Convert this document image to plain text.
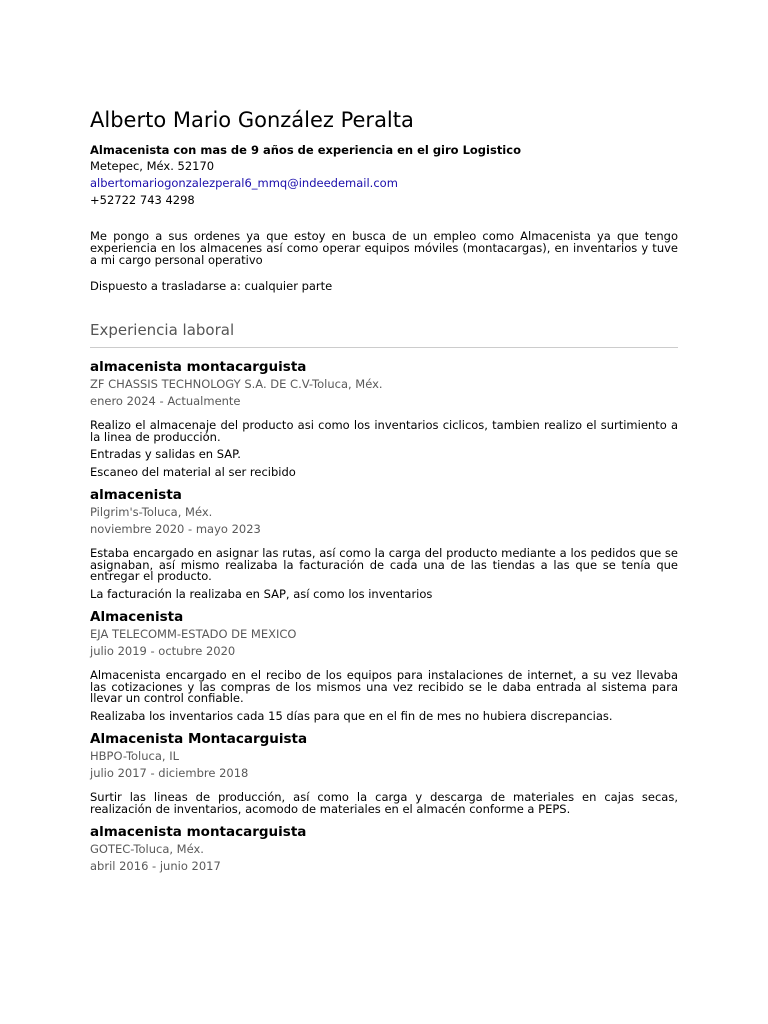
Alberto Mario González Peralta

Almacenista con mas de 9 años de experiencia en el giro Logistico

Metepec, Méx. 52170

albertomariogonzalezperal6_mmq@indeedemail.com

+52722 743 4298

Me pongo a sus ordenes ya que estoy en busca de un empleo como Almacenista ya que tengo experiencia en los almacenes así como operar equipos móviles (montacargas), en inventarios y tuve a mi cargo personal operativo

Dispuesto a trasladarse a: cualquier parte

Experiencia laboral

almacenista montacarguista

ZF CHASSIS TECHNOLOGY S.A. DE C.V-Toluca, Méx.

enero 2024 - Actualmente

Realizo el almacenaje del producto asi como los inventarios ciclicos, tambien realizo el surtimiento a la linea de producción.

Entradas y salidas en SAP.

Escaneo del material al ser recibido

almacenista

Pilgrim's-Toluca, Méx.

noviembre 2020 - mayo 2023

Estaba encargado en asignar las rutas, así como la carga del producto mediante a los pedidos que se asignaban, así mismo realizaba la facturación de cada una de las tiendas a las que se tenía que entregar el producto.

La facturación la realizaba en SAP, así como los inventarios

Almacenista

EJA TELECOMM-ESTADO DE MEXICO

julio 2019 - octubre 2020

Almacenista encargado en el recibo de los equipos para instalaciones de internet, a su vez llevaba las cotizaciones y las compras de los mismos una vez recibido se le daba entrada al sistema para llevar un control confiable.

Realizaba los inventarios cada 15 días para que en el fin de mes no hubiera discrepancias.

Almacenista Montacarguista

HBPO-Toluca, IL

julio 2017 - diciembre 2018

Surtir las lineas de producción, así como la carga y descarga de materiales en cajas secas, realización de inventarios, acomodo de materiales en el almacén conforme a PEPS.

almacenista montacarguista

GOTEC-Toluca, Méx.

abril 2016 - junio 2017
